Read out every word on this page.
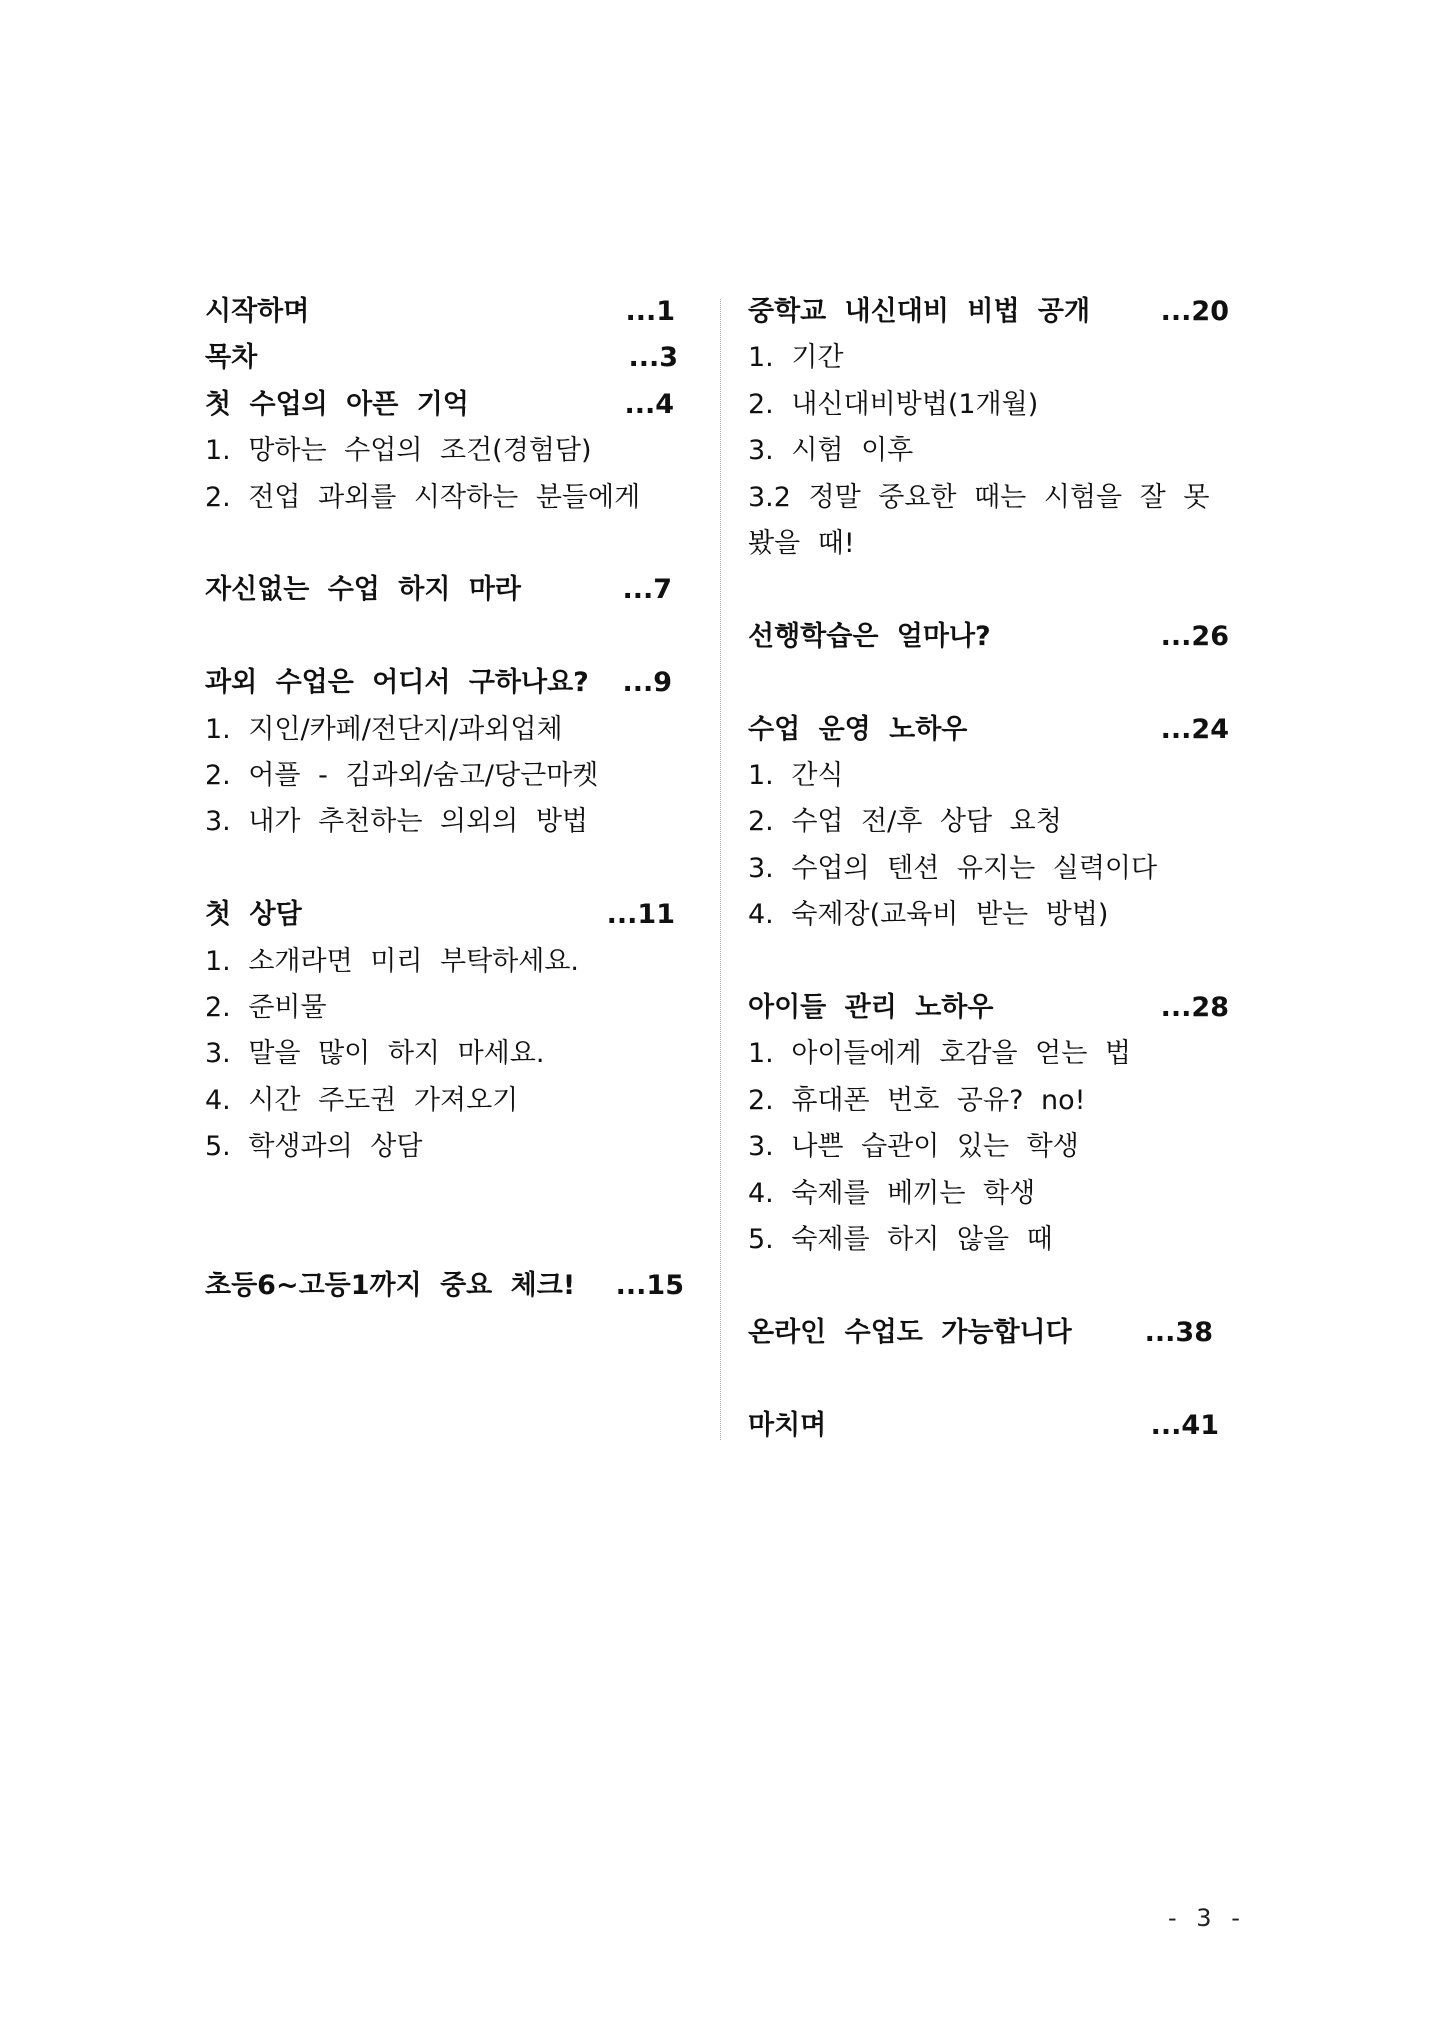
시작하며	...1
목차	...3
첫 수업의 아픈 기억	...4
1. 망하는 수업의 조건(경험담)
2. 전업 과외를 시작하는 분들에게
자신없는 수업 하지 마라	...7
과외 수업은 어디서 구하나요? ...9
1. 지인/카페/전단지/과외업체
2. 어플 - 김과외/숨고/당근마켓
3. 내가 추천하는 의외의 방법
첫 상담	...11
1. 소개라면 미리 부탁하세요.
2. 준비물
3. 말을 많이 하지 마세요.
4. 시간 주도권 가져오기
5. 학생과의 상담
초등6~고등1까지 중요 체크! ...15
중학교 내신대비 비법 공개	...20
1. 기간
2. 내신대비방법(1개월)
3. 시험 이후
3.2 정말 중요한 때는 시험을 잘 못
봤을 때!
선행학습은 얼마나?	...26
수업 운영 노하우	...24
1. 간식
2. 수업 전/후 상담 요청
3. 수업의 텐션 유지는 실력이다
4. 숙제장(교육비 받는 방법)
아이들 관리 노하우	...28
1. 아이들에게 호감을 얻는 법
2. 휴대폰 번호 공유? no!
3. 나쁜 습관이 있는 학생
4. 숙제를 베끼는 학생
5. 숙제를 하지 않을 때
온라인 수업도 가능합니다	...38
마치며	...41
- 3 -
